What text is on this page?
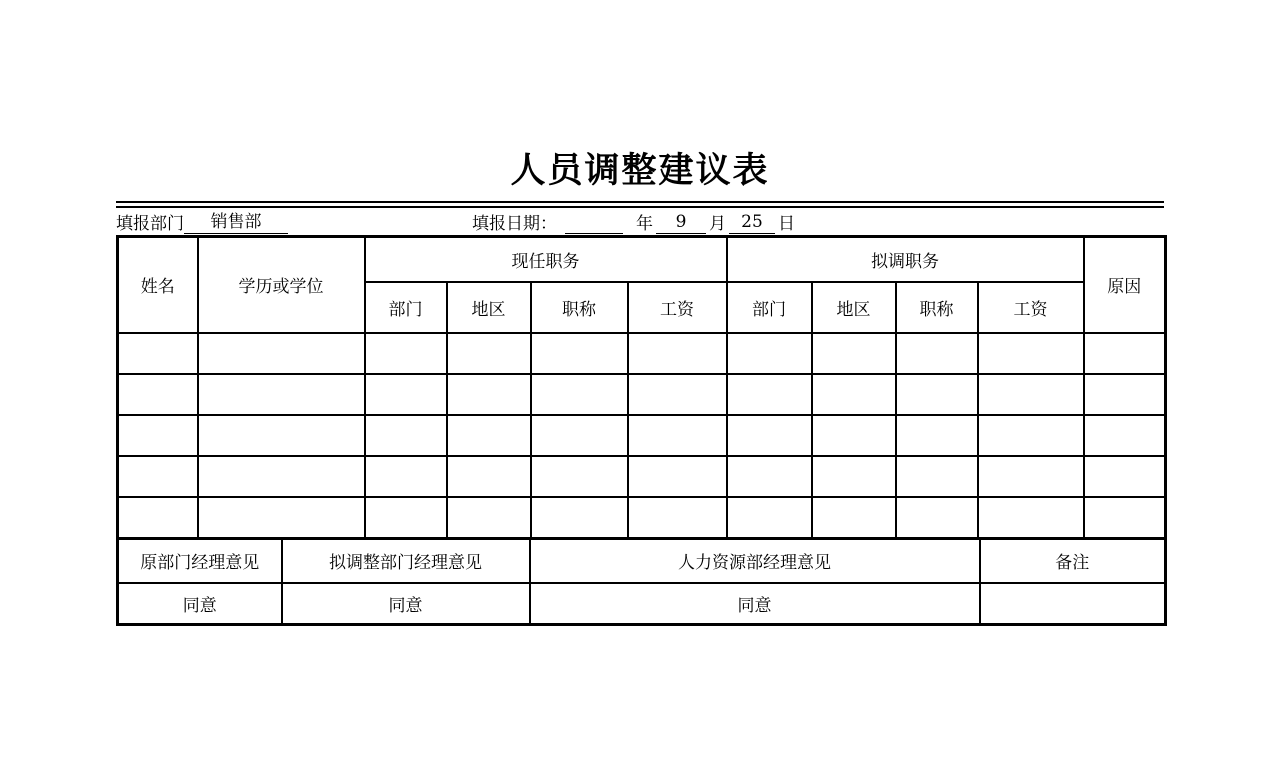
人员调整建议表
填报部门	销售部	填报日期：	年	9	月 25 日
姓名	学历或学位	现任职务				拟调职务				原因
		部门	地区	职称	工资	部门	地区	职称	工资	

原部门经理意见	拟调整部门经理意见	人力资源部经理意见	备注
同意	同意	同意	
